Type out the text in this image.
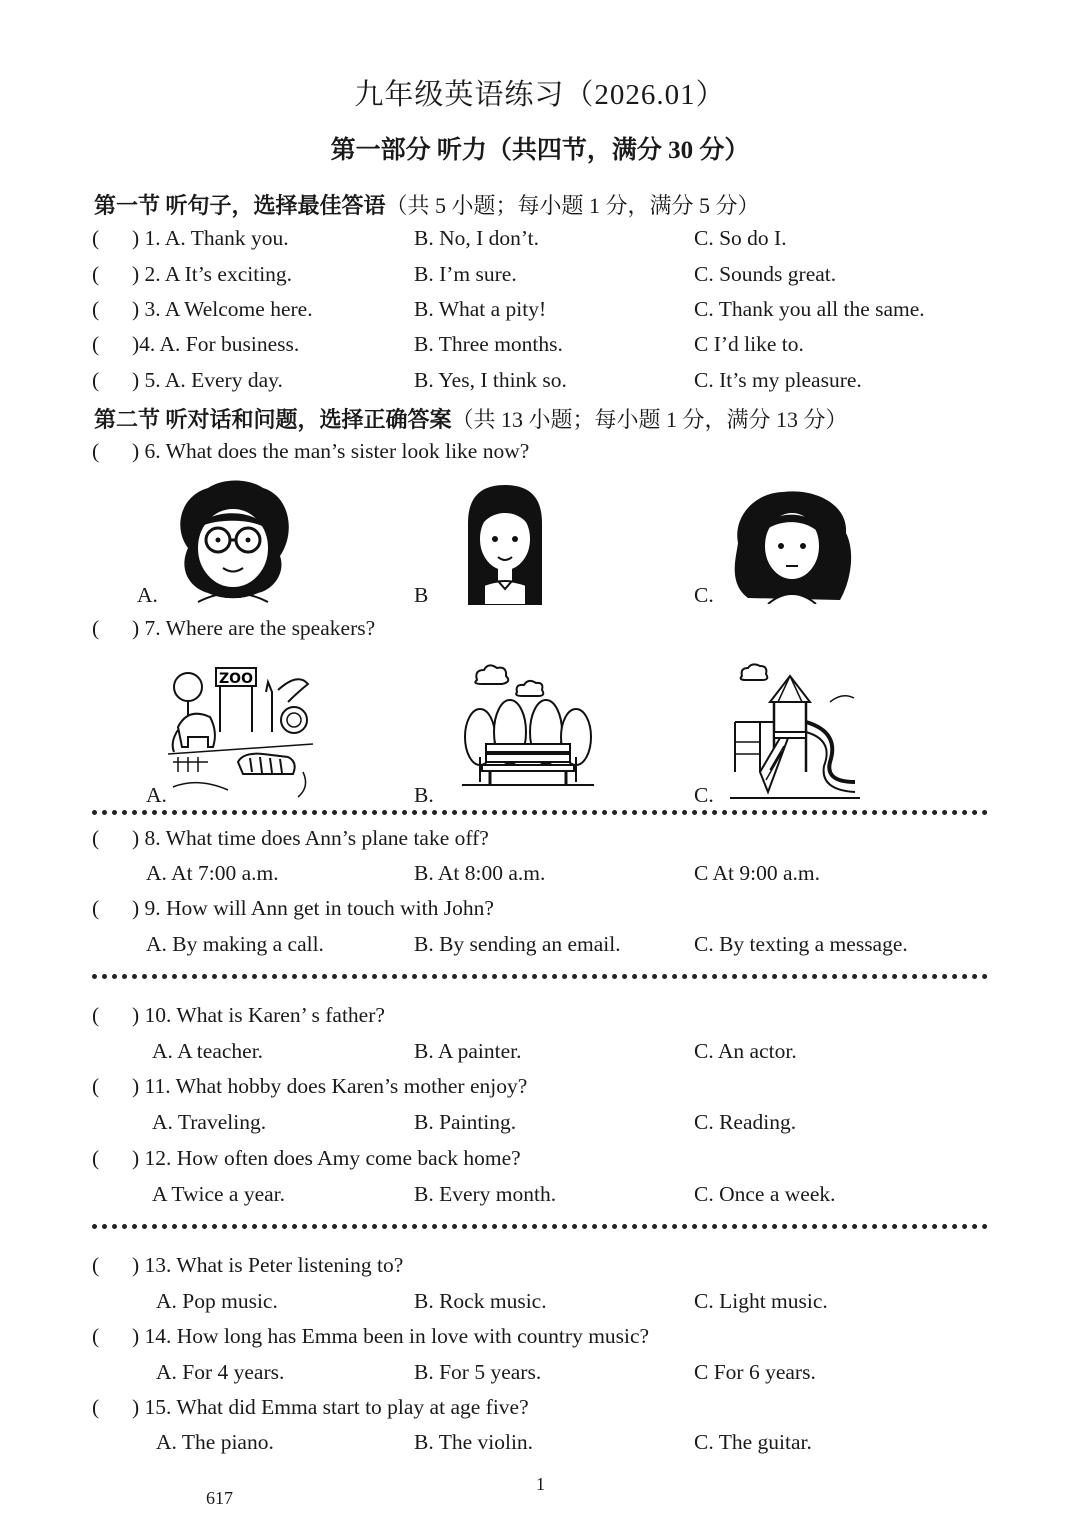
九年级英语练习（2026.01）
第一部分 听力（共四节，满分 30 分）
第一节 听句子，选择最佳答语（共 5 小题；每小题 1 分，满分 5 分）
( ) 1. A. Thank you.	B. No, I don’t.	C. So do I.
( ) 2. A It’s exciting.	B. I’m sure.	C. Sounds great.
( ) 3. A Welcome here.	B. What a pity!	C. Thank you all the same.
( )4. A. For business.	B. Three months.	C I’d like to.
( ) 5. A. Every day.	B. Yes, I think so.	C. It’s my pleasure.
第二节 听对话和问题，选择正确答案（共 13 小题；每小题 1 分，满分 13 分）
( ) 6. What does the man’s sister look like now?
A.	B	C.
( ) 7. Where are the speakers?
ZOO
A.	B.	C.
( ) 8. What time does Ann’s plane take off?
A. At 7:00 a.m.	B. At 8:00 a.m.	C At 9:00 a.m.
( ) 9. How will Ann get in touch with John?
A. By making a call.	B. By sending an email.	C. By texting a message.
( ) 10. What is Karen’ s father?
A. A teacher.	B. A painter.	C. An actor.
( ) 11. What hobby does Karen’s mother enjoy?
A. Traveling.	B. Painting.	C. Reading.
( ) 12. How often does Amy come back home?
A Twice a year.	B. Every month.	C. Once a week.
( ) 13. What is Peter listening to?
A. Pop music.	B. Rock music.	C. Light music.
( ) 14. How long has Emma been in love with country music?
A. For 4 years.	B. For 5 years.	C For 6 years.
( ) 15. What did Emma start to play at age five?
A. The piano.	B. The violin.	C. The guitar.
1
617
